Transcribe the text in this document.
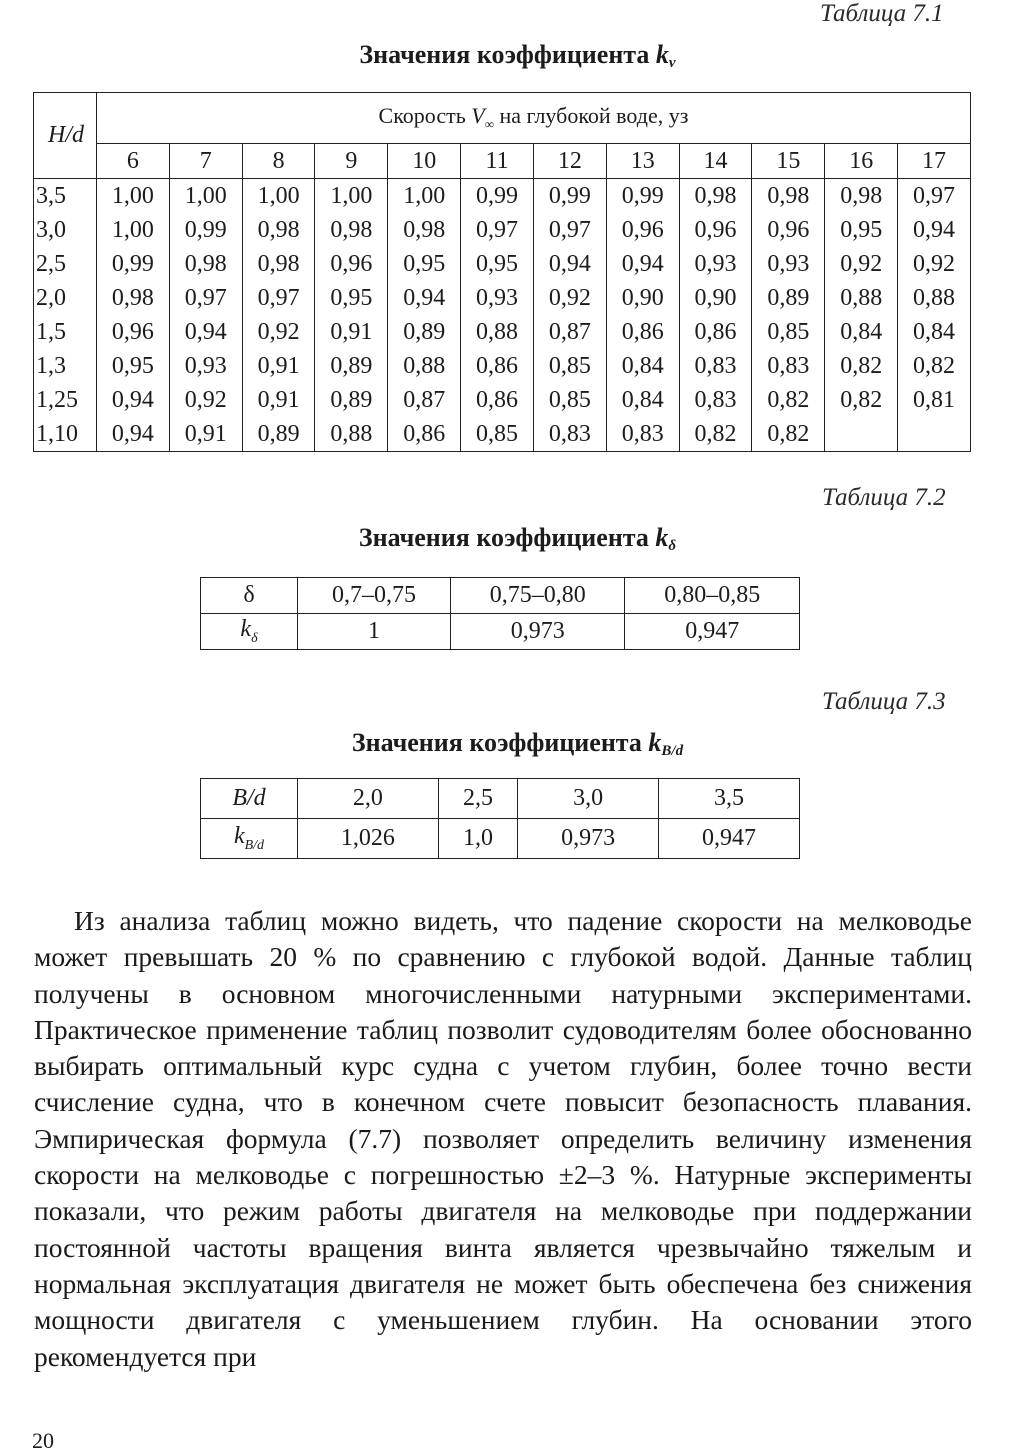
Таблица 7.1
Значения коэффициента $k_v$
H/d	Скорость $V_\infty$ на глубокой воде, уз											
	6	7	8	9	10	11	12	13	14	15	16	17
3,5	1,00	1,00	1,00	1,00	1,00	0,99	0,99	0,99	0,98	0,98	0,98	0,97
3,0	1,00	0,99	0,98	0,98	0,98	0,97	0,97	0,96	0,96	0,96	0,95	0,94
2,5	0,99	0,98	0,98	0,96	0,95	0,95	0,94	0,94	0,93	0,93	0,92	0,92
2,0	0,98	0,97	0,97	0,95	0,94	0,93	0,92	0,90	0,90	0,89	0,88	0,88
1,5	0,96	0,94	0,92	0,91	0,89	0,88	0,87	0,86	0,86	0,85	0,84	0,84
1,3	0,95	0,93	0,91	0,89	0,88	0,86	0,85	0,84	0,83	0,83	0,82	0,82
1,25	0,94	0,92	0,91	0,89	0,87	0,86	0,85	0,84	0,83	0,82	0,82	0,81
1,10	0,94	0,91	0,89	0,88	0,86	0,85	0,83	0,83	0,82	0,82		
Таблица 7.2
Значения коэффициента $k_\delta$
δ	0,7–0,75	0,75–0,80	0,80–0,85
$k_\delta$	1	0,973	0,947
Таблица 7.3
Значения коэффициента $k_{B/d}$
B/d	2,0	2,5	3,0	3,5
$k_{B/d}$	1,026	1,0	0,973	0,947
Из анализа таблиц можно видеть, что падение скорости на мелководье может превышать 20 % по сравнению с глубокой водой. Данные таблиц получены в основном многочисленными натурными экспериментами. Практическое применение таблиц позволит судоводителям более обоснованно выбирать оптимальный курс судна с учетом глубин, более точно вести счисление судна, что в конечном счете повысит безопасность плавания. Эмпирическая формула (7.7) позволяет определить величину изменения скорости на мелководье с погрешностью ±2–3 %. Натурные эксперименты показали, что режим работы двигателя на мелководье при поддержании постоянной частоты вращения винта является чрезвычайно тяжелым и нормальная эксплуатация двигателя не может быть обеспечена без снижения мощности двигателя с уменьшением глубин. На основании этого рекомендуется при
20
